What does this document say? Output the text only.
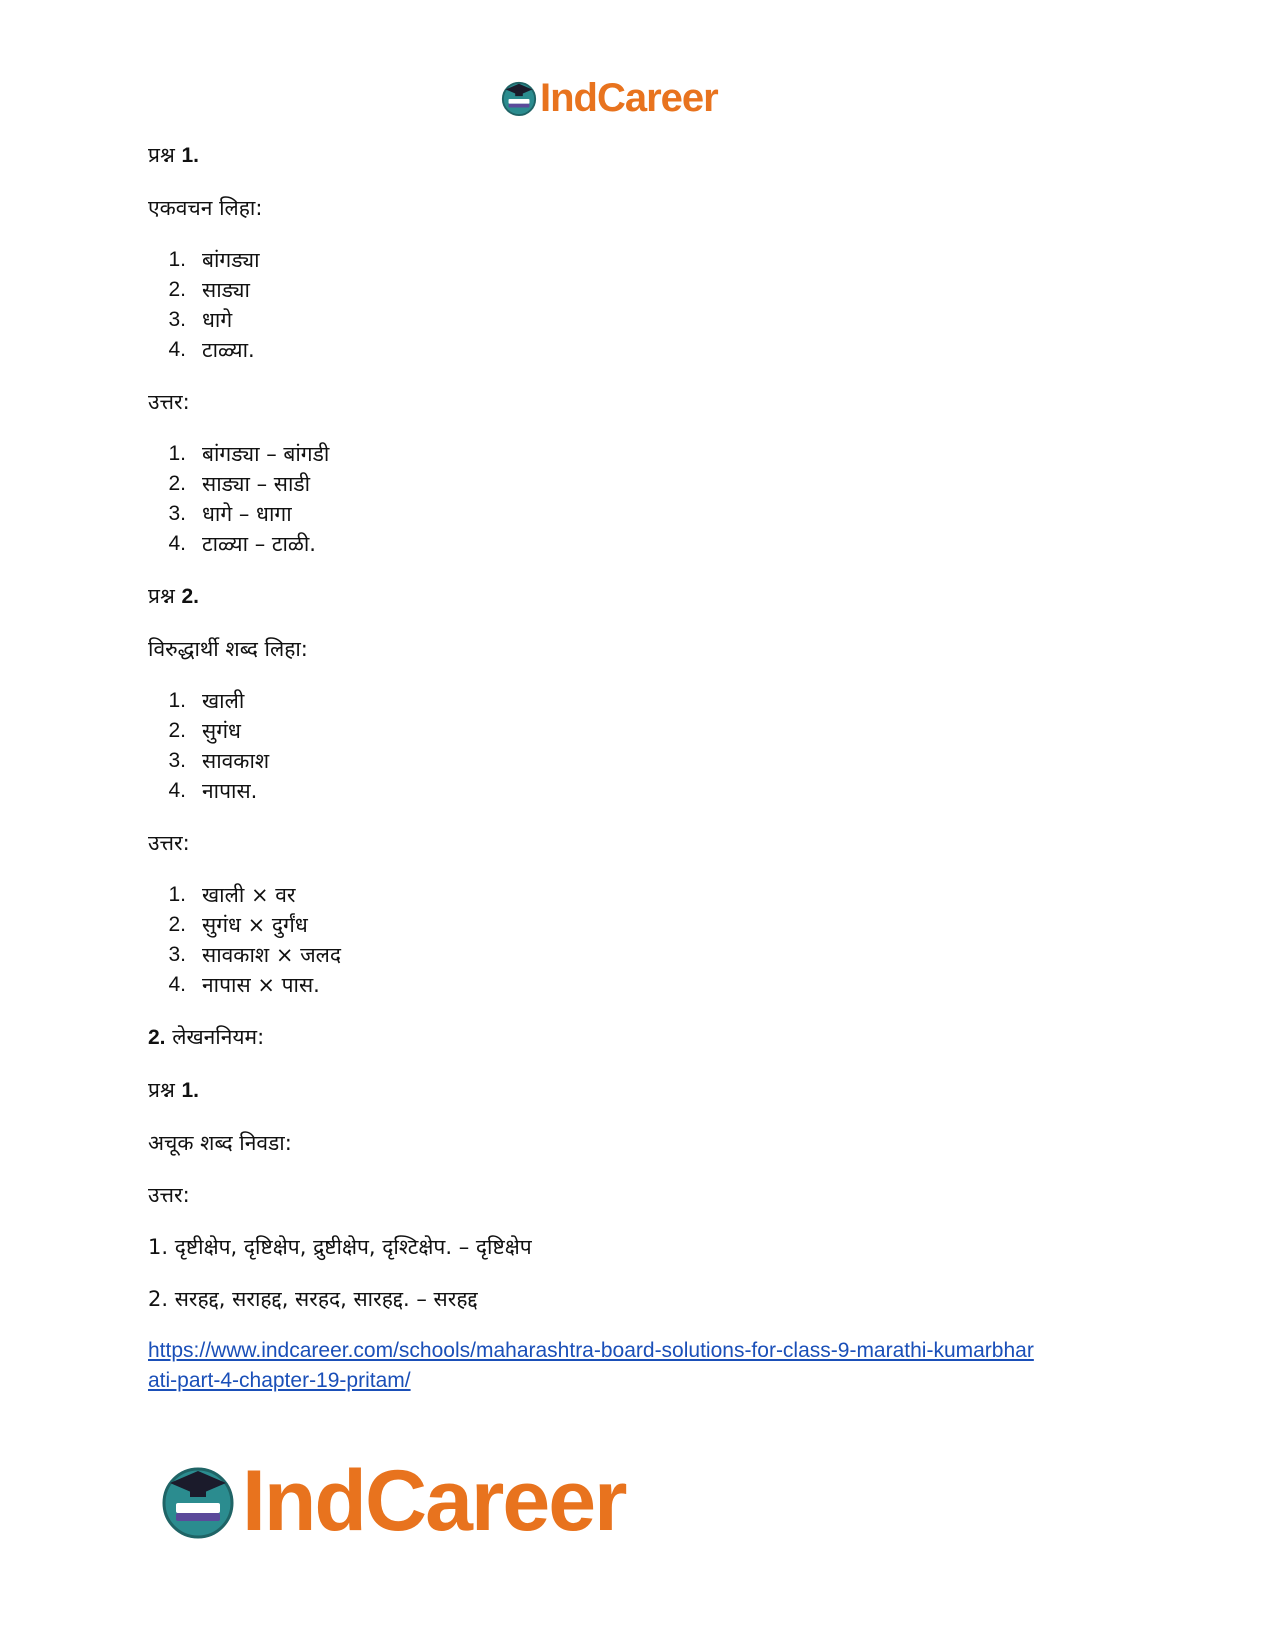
IndCareer

प्रश्न 1.

एकवचन लिहा:

1. बांगड्या
2. साड्या
3. धागे
4. टाळ्या.

उत्तर:

1. बांगड्या – बांगडी
2. साड्या – साडी
3. धागे – धागा
4. टाळ्या – टाळी.

प्रश्न 2.

विरुद्धार्थी शब्द लिहा:

1. खाली
2. सुगंध
3. सावकाश
4. नापास.

उत्तर:

1. खाली × वर
2. सुगंध × दुर्गंध
3. सावकाश × जलद
4. नापास × पास.

2. लेखननियम:

प्रश्न 1.

अचूक शब्द निवडा:

उत्तर:

1. दृष्टीक्षेप, दृष्टिक्षेप, द्रुष्टीक्षेप, दृश्टिक्षेप. – दृष्टिक्षेप

2. सरहद्द, सराहद्द, सरहद, सारहद्द. – सरहद्द

https://www.indcareer.com/schools/maharashtra-board-solutions-for-class-9-marathi-kumarbhar
ati-part-4-chapter-19-pritam/
IndCareer
